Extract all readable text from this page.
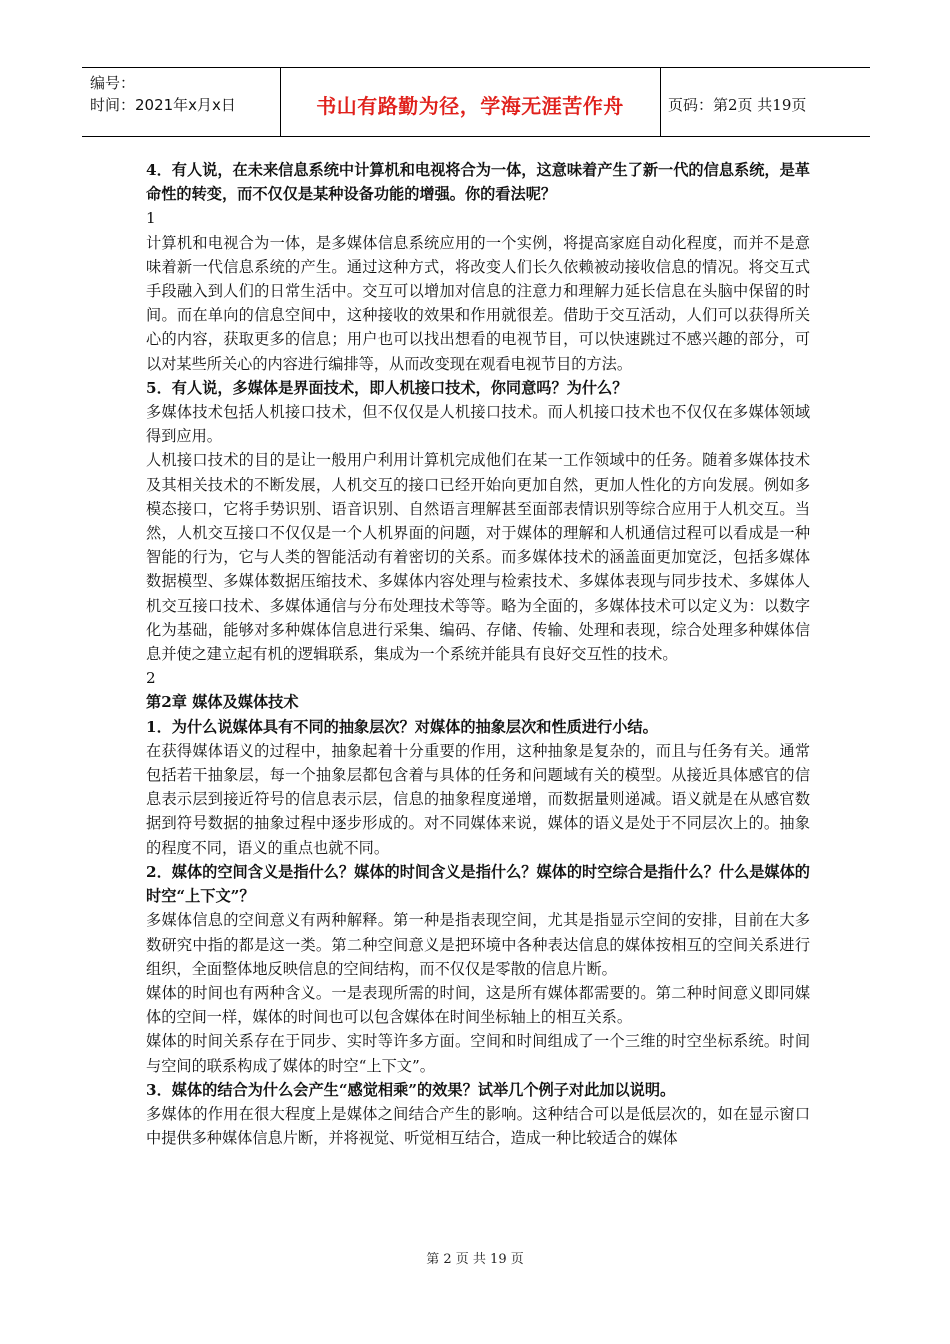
编号：
时间：2021年x月x日	书山有路勤为径，学海无涯苦作舟	页码：第2页 共19页

4．有人说，在未来信息系统中计算机和电视将合为一体，这意味着产生了新一代的信息系统，是革命性的转变，而不仅仅是某种设备功能的增强。你的看法呢？

1

计算机和电视合为一体，是多媒体信息系统应用的一个实例，将提高家庭自动化程度，而并不是意味着新一代信息系统的产生。通过这种方式，将改变人们长久依赖被动接收信息的情况。将交互式手段融入到人们的日常生活中。交互可以增加对信息的注意力和理解力延长信息在头脑中保留的时间。而在单向的信息空间中，这种接收的效果和作用就很差。借助于交互活动，人们可以获得所关心的内容，获取更多的信息；用户也可以找出想看的电视节目，可以快速跳过不感兴趣的部分，可以对某些所关心的内容进行编排等，从而改变现在观看电视节目的方法。

5．有人说，多媒体是界面技术，即人机接口技术，你同意吗？为什么？

多媒体技术包括人机接口技术，但不仅仅是人机接口技术。而人机接口技术也不仅仅在多媒体领域得到应用。

人机接口技术的目的是让一般用户利用计算机完成他们在某一工作领域中的任务。随着多媒体技术及其相关技术的不断发展，人机交互的接口已经开始向更加自然，更加人性化的方向发展。例如多模态接口，它将手势识别、语音识别、自然语言理解甚至面部表情识别等综合应用于人机交互。当然，人机交互接口不仅仅是一个人机界面的问题，对于媒体的理解和人机通信过程可以看成是一种智能的行为，它与人类的智能活动有着密切的关系。而多媒体技术的涵盖面更加宽泛，包括多媒体数据模型、多媒体数据压缩技术、多媒体内容处理与检索技术、多媒体表现与同步技术、多媒体人机交互接口技术、多媒体通信与分布处理技术等等。略为全面的，多媒体技术可以定义为：以数字化为基础，能够对多种媒体信息进行采集、编码、存储、传输、处理和表现，综合处理多种媒体信息并使之建立起有机的逻辑联系，集成为一个系统并能具有良好交互性的技术。

2

第2章 媒体及媒体技术

1．为什么说媒体具有不同的抽象层次？对媒体的抽象层次和性质进行小结。

在获得媒体语义的过程中，抽象起着十分重要的作用，这种抽象是复杂的，而且与任务有关。通常包括若干抽象层，每一个抽象层都包含着与具体的任务和问题域有关的模型。从接近具体感官的信息表示层到接近符号的信息表示层，信息的抽象程度递增，而数据量则递减。语义就是在从感官数据到符号数据的抽象过程中逐步形成的。对不同媒体来说，媒体的语义是处于不同层次上的。抽象的程度不同，语义的重点也就不同。

2．媒体的空间含义是指什么？媒体的时间含义是指什么？媒体的时空综合是指什么？什么是媒体的时空“上下文”？

多媒体信息的空间意义有两种解释。第一种是指表现空间，尤其是指显示空间的安排，目前在大多数研究中指的都是这一类。第二种空间意义是把环境中各种表达信息的媒体按相互的空间关系进行组织，全面整体地反映信息的空间结构，而不仅仅是零散的信息片断。

媒体的时间也有两种含义。一是表现所需的时间，这是所有媒体都需要的。第二种时间意义即同媒体的空间一样，媒体的时间也可以包含媒体在时间坐标轴上的相互关系。

媒体的时间关系存在于同步、实时等许多方面。空间和时间组成了一个三维的时空坐标系统。时间与空间的联系构成了媒体的时空“上下文”。

3．媒体的结合为什么会产生“感觉相乘”的效果？试举几个例子对此加以说明。

多媒体的作用在很大程度上是媒体之间结合产生的影响。这种结合可以是低层次的，如在显示窗口中提供多种媒体信息片断，并将视觉、听觉相互结合，造成一种比较适合的媒体

第 2 页 共 19 页
